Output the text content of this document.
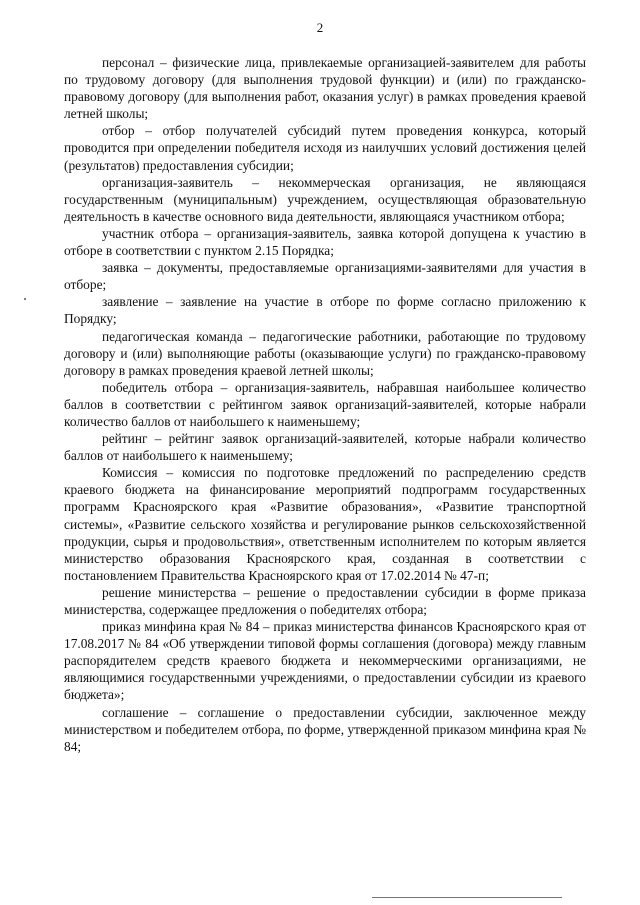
2

персонал – физические лица, привлекаемые организацией-заявителем для работы по трудовому договору (для выполнения трудовой функции) и (или) по гражданско-правовому договору (для выполнения работ, оказания услуг) в рамках проведения краевой летней школы;

отбор – отбор получателей субсидий путем проведения конкурса, который проводится при определении победителя исходя из наилучших условий достижения целей (результатов) предоставления субсидии;

организация-заявитель – некоммерческая организация, не являющаяся государственным (муниципальным) учреждением, осуществляющая образовательную деятельность в качестве основного вида деятельности, являющаяся участником отбора;

участник отбора – организация-заявитель, заявка которой допущена к участию в отборе в соответствии с пунктом 2.15 Порядка;

заявка – документы, предоставляемые организациями-заявителями для участия в отборе;

заявление – заявление на участие в отборе по форме согласно приложению к Порядку;

педагогическая команда – педагогические работники, работающие по трудовому договору и (или) выполняющие работы (оказывающие услуги) по гражданско-правовому договору в рамках проведения краевой летней школы;

победитель отбора – организация-заявитель, набравшая наибольшее количество баллов в соответствии с рейтингом заявок организаций-заявителей, которые набрали количество баллов от наибольшего к наименьшему;

рейтинг – рейтинг заявок организаций-заявителей, которые набрали количество баллов от наибольшего к наименьшему;

Комиссия – комиссия по подготовке предложений по распределению средств краевого бюджета на финансирование мероприятий подпрограмм государственных программ Красноярского края «Развитие образования», «Развитие транспортной системы», «Развитие сельского хозяйства и регулирование рынков сельскохозяйственной продукции, сырья и продовольствия», ответственным исполнителем по которым является министерство образования Красноярского края, созданная в соответствии с постановлением Правительства Красноярского края от 17.02.2014 № 47-п;

решение министерства – решение о предоставлении субсидии в форме приказа министерства, содержащее предложения о победителях отбора;

приказ минфина края № 84 – приказ министерства финансов Красноярского края от 17.08.2017 № 84 «Об утверждении типовой формы соглашения (договора) между главным распорядителем средств краевого бюджета и некоммерческими организациями, не являющимися государственными учреждениями, о предоставлении субсидии из краевого бюджета»;

соглашение – соглашение о предоставлении субсидии, заключенное между министерством и победителем отбора, по форме, утвержденной приказом минфина края № 84;
